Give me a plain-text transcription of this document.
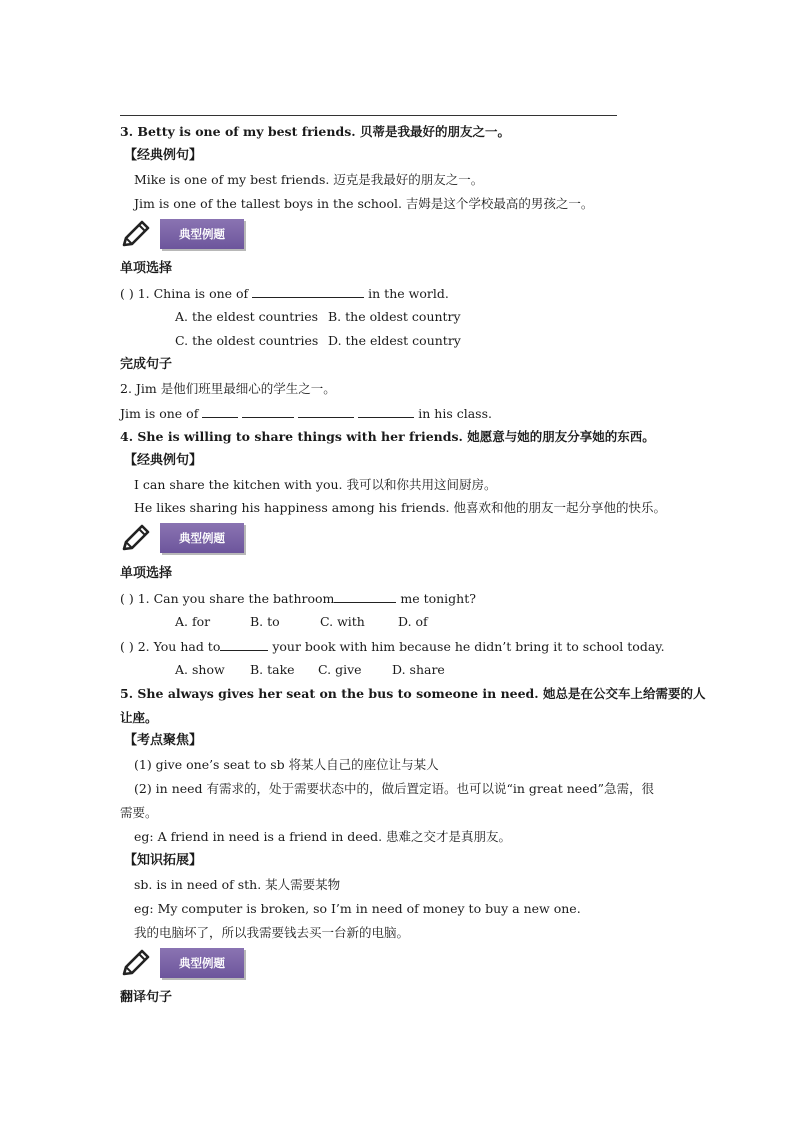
3. Betty is one of my best friends. 贝蒂是我最好的朋友之一。
【经典例句】
Mike is one of my best friends. 迈克是我最好的朋友之一。
Jim is one of the tallest boys in the school. 吉姆是这个学校最高的男孩之一。
典型例题
单项选择
( ) 1. China is one of	in the world.
A. the eldest countries B. the oldest country
C. the oldest countries D. the eldest country
完成句子
2. Jim 是他们班里最细心的学生之一。
Jim is one of	in his class.
4. She is willing to share things with her friends. 她愿意与她的朋友分享她的东西。
【经典例句】
I can share the kitchen with you. 我可以和你共用这间厨房。
He likes sharing his happiness among his friends. 他喜欢和他的朋友一起分享他的快乐。
典型例题
单项选择
( ) 1. Can you share the bathroom	me tonight?
A. for	B. to	C. with	D. of
( ) 2. You had to	your book with him because he didn’t bring it to school today.
A. show B. take C. give D. share
5. She always gives her seat on the bus to someone in need. 她总是在公交车上给需要的人
让座。
【考点聚焦】
(1) give one’s seat to sb 将某人自己的座位让与某人
(2) in need 有需求的，处于需要状态中的，做后置定语。也可以说“in great need”急需，很
需要。
eg: A friend in need is a friend in deed. 患难之交才是真朋友。
【知识拓展】
sb. is in need of sth. 某人需要某物
eg: My computer is broken, so I’m in need of money to buy a new one.
我的电脑坏了，所以我需要钱去买一台新的电脑。
典型例题
翻译句子
